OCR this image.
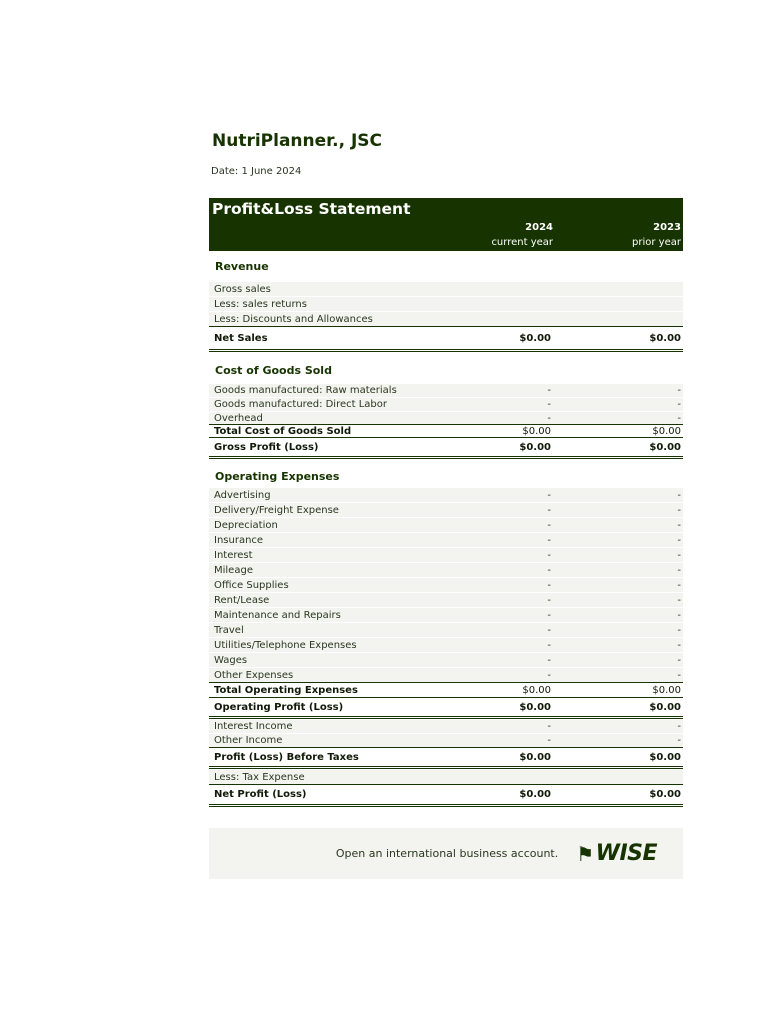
NutriPlanner., JSC
Date: 1 June 2024
Profit&Loss Statement
2024	2023
current year	prior year
Revenue
Gross sales
Less: sales returns
Less: Discounts and Allowances
Net Sales	$0.00	$0.00
Cost of Goods Sold
Goods manufactured: Raw materials	-	-
Goods manufactured: Direct Labor	-	-
Overhead	-	-
Total Cost of Goods Sold	$0.00	$0.00
Gross Profit (Loss)	$0.00	$0.00
Operating Expenses
Advertising	-	-
Delivery/Freight Expense	-	-
Depreciation	-	-
Insurance	-	-
Interest	-	-
Mileage	-	-
Office Supplies	-	-
Rent/Lease	-	-
Maintenance and Repairs	-	-
Travel	-	-
Utilities/Telephone Expenses	-	-
Wages	-	-
Other Expenses	-	-
Total Operating Expenses	$0.00	$0.00
Operating Profit (Loss)	$0.00	$0.00
Interest Income	-	-
Other Income	-	-
Profit (Loss) Before Taxes	$0.00	$0.00
Less: Tax Expense
Net Profit (Loss)	$0.00	$0.00
Open an international business account. ⚑ WISE
